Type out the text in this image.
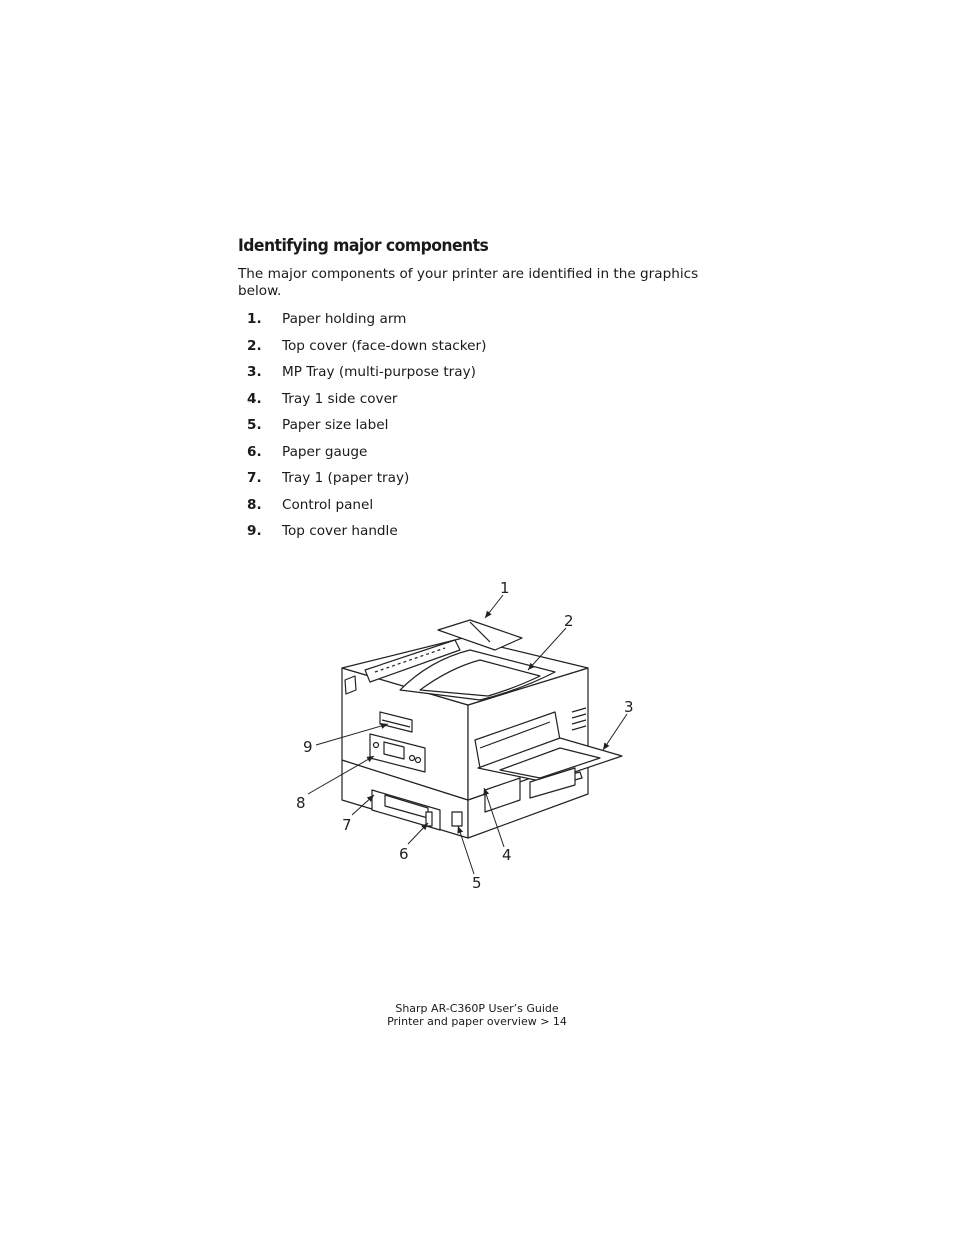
Identifying major components

The major components of your printer are identified in the graphics below.

1. Paper holding arm
2. Top cover (face-down stacker)
3. MP Tray (multi-purpose tray)
4. Tray 1 side cover
5. Paper size label
6. Paper gauge
7. Tray 1 (paper tray)
8. Control panel
9. Top cover handle
1
2
3
4
5
6
7
8
9
Sharp AR-C360P User’s Guide
Printer and paper overview > 14
